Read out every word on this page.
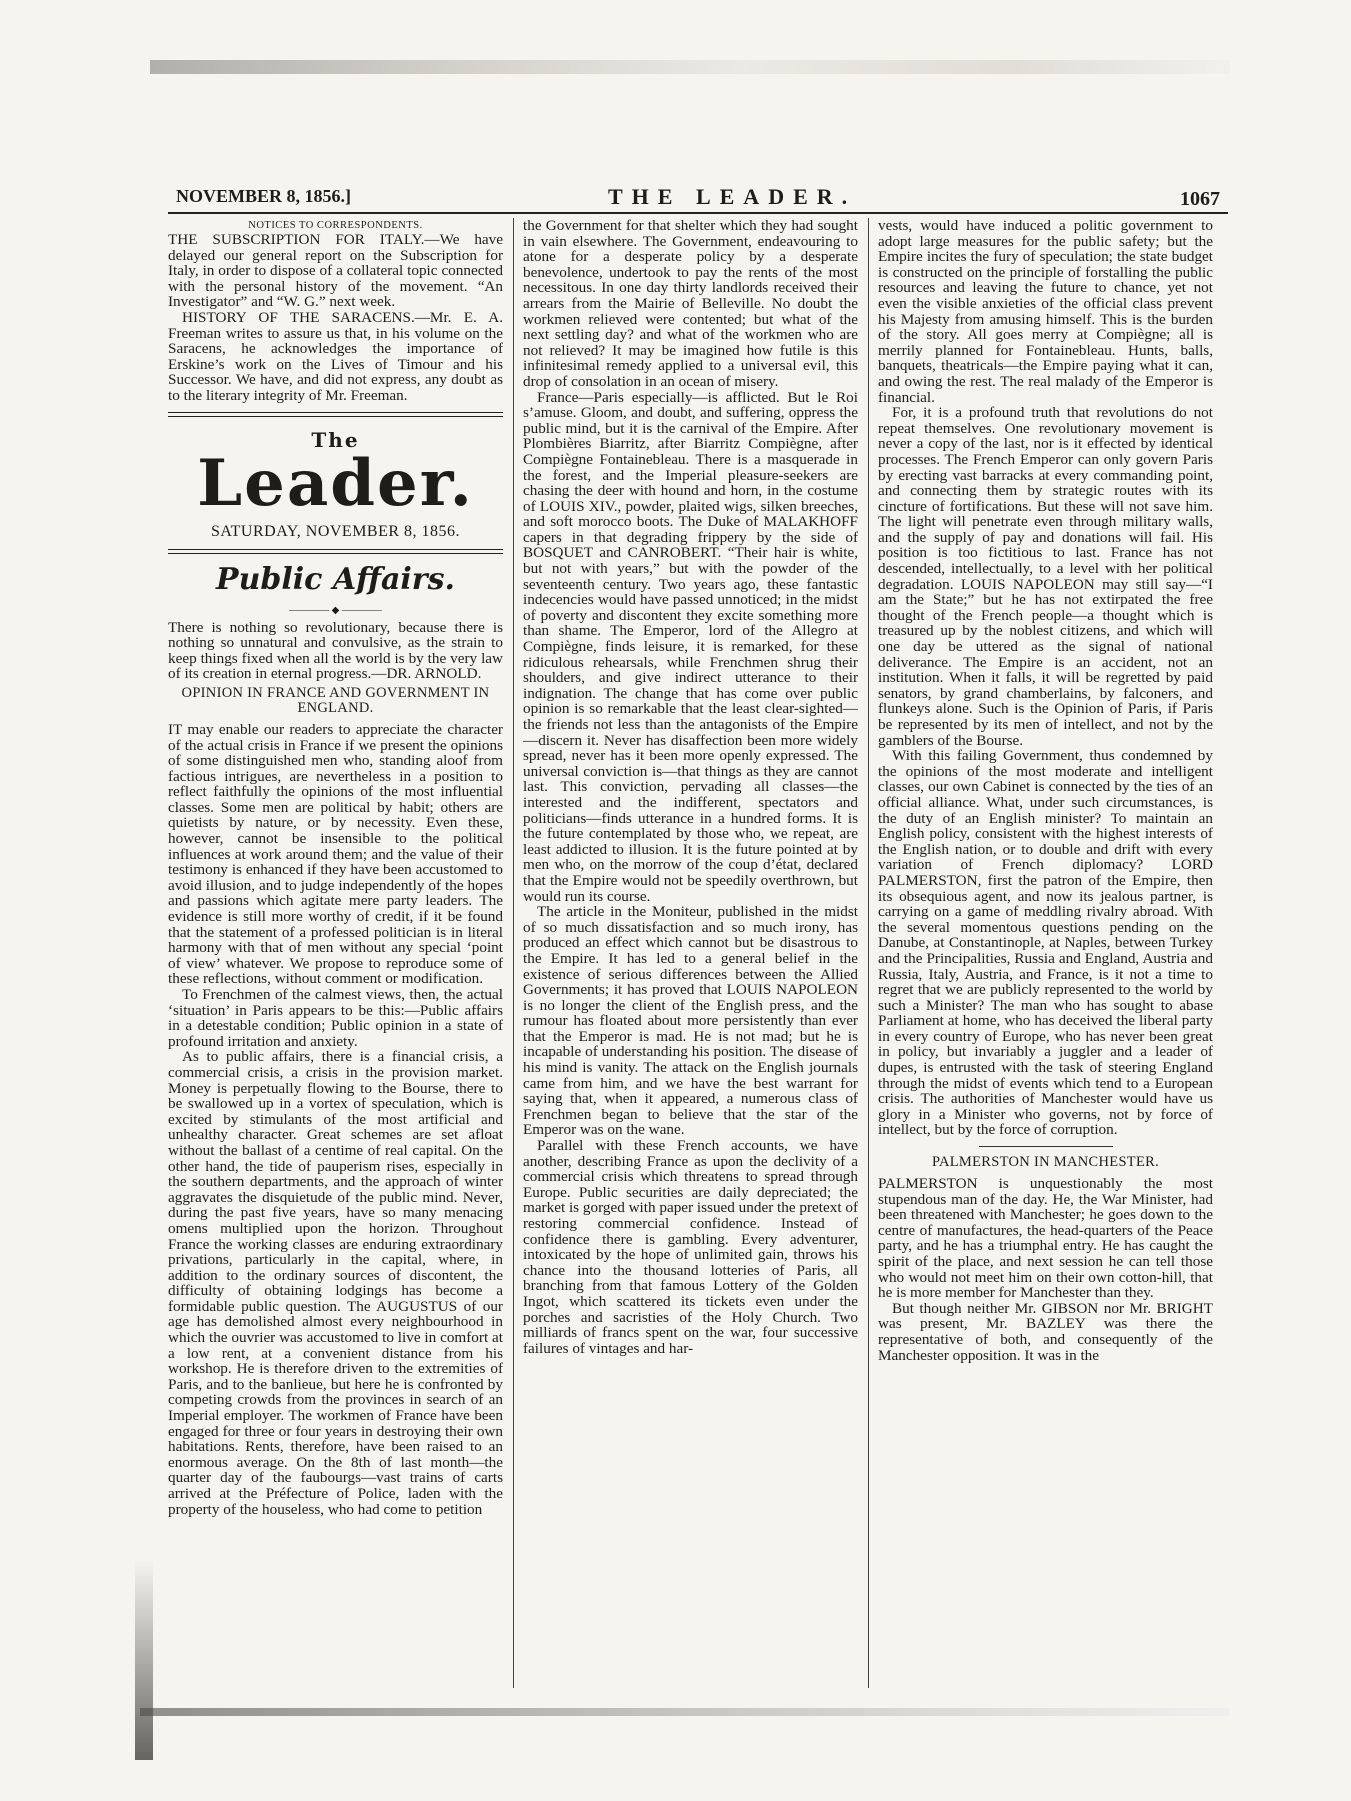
NOVEMBER 8, 1856.]	THE LEADER.	1067
NOTICES TO CORRESPONDENTS.

THE SUBSCRIPTION FOR ITALY.—We have delayed our general report on the Subscription for Italy, in order to dispose of a collateral topic connected with the personal history of the movement. “An Investigator” and “W. G.” next week.

HISTORY OF THE SARACENS.—Mr. E. A. Freeman writes to assure us that, in his volume on the Saracens, he acknowledges the importance of Erskine’s work on the Lives of Timour and his Successor. We have, and did not express, any doubt as to the literary integrity of Mr. Freeman.

The
Leader.
SATURDAY, NOVEMBER 8, 1856.
Public Affairs.
———— ◆ ————

There is nothing so revolutionary, because there is nothing so unnatural and convulsive, as the strain to keep things fixed when all the world is by the very law of its creation in eternal progress.—DR. ARNOLD.

OPINION IN FRANCE AND GOVERNMENT IN ENGLAND.

IT may enable our readers to appreciate the character of the actual crisis in France if we present the opinions of some distinguished men who, standing aloof from factious intrigues, are nevertheless in a position to reflect faithfully the opinions of the most influential classes. Some men are political by habit; others are quietists by nature, or by necessity. Even these, however, cannot be insensible to the political influences at work around them; and the value of their testimony is enhanced if they have been accustomed to avoid illusion, and to judge independently of the hopes and passions which agitate mere party leaders. The evidence is still more worthy of credit, if it be found that the statement of a professed politician is in literal harmony with that of men without any special ‘point of view’ whatever. We propose to reproduce some of these reflections, without comment or modification.

To Frenchmen of the calmest views, then, the actual ‘situation’ in Paris appears to be this:—Public affairs in a detestable condition; Public opinion in a state of profound irritation and anxiety.

As to public affairs, there is a financial crisis, a commercial crisis, a crisis in the provision market. Money is perpetually flowing to the Bourse, there to be swallowed up in a vortex of speculation, which is excited by stimulants of the most artificial and unhealthy character. Great schemes are set afloat without the ballast of a centime of real capital. On the other hand, the tide of pauperism rises, especially in the southern departments, and the approach of winter aggravates the disquietude of the public mind. Never, during the past five years, have so many menacing omens multiplied upon the horizon. Throughout France the working classes are enduring extraordinary privations, particularly in the capital, where, in addition to the ordinary sources of discontent, the difficulty of obtaining lodgings has become a formidable public question. The AUGUSTUS of our age has demolished almost every neighbourhood in which the ouvrier was accustomed to live in comfort at a low rent, at a convenient distance from his workshop. He is therefore driven to the extremities of Paris, and to the banlieue, but here he is confronted by competing crowds from the provinces in search of an Imperial employer. The workmen of France have been engaged for three or four years in destroying their own habitations. Rents, therefore, have been raised to an enormous average. On the 8th of last month—the quarter day of the faubourgs—vast trains of carts arrived at the Préfecture of Police, laden with the property of the houseless, who had come to petition

the Government for that shelter which they had sought in vain elsewhere. The Government, endeavouring to atone for a desperate policy by a desperate benevolence, undertook to pay the rents of the most necessitous. In one day thirty landlords received their arrears from the Mairie of Belleville. No doubt the workmen relieved were contented; but what of the next settling day? and what of the workmen who are not relieved? It may be imagined how futile is this infinitesimal remedy applied to a universal evil, this drop of consolation in an ocean of misery.

France—Paris especially—is afflicted. But le Roi s’amuse. Gloom, and doubt, and suffering, oppress the public mind, but it is the carnival of the Empire. After Plombières Biarritz, after Biarritz Compiègne, after Compiègne Fontainebleau. There is a masquerade in the forest, and the Imperial pleasure-seekers are chasing the deer with hound and horn, in the costume of LOUIS XIV., powder, plaited wigs, silken breeches, and soft morocco boots. The Duke of MALAKHOFF capers in that degrading frippery by the side of BOSQUET and CANROBERT. “Their hair is white, but not with years,” but with the powder of the seventeenth century. Two years ago, these fantastic indecencies would have passed unnoticed; in the midst of poverty and discontent they excite something more than shame. The Emperor, lord of the Allegro at Compiègne, finds leisure, it is remarked, for these ridiculous rehearsals, while Frenchmen shrug their shoulders, and give indirect utterance to their indignation. The change that has come over public opinion is so remarkable that the least clear-sighted—the friends not less than the antagonists of the Empire—discern it. Never has disaffection been more widely spread, never has it been more openly expressed. The universal conviction is—that things as they are cannot last. This conviction, pervading all classes—the interested and the indifferent, spectators and politicians—finds utterance in a hundred forms. It is the future contemplated by those who, we repeat, are least addicted to illusion. It is the future pointed at by men who, on the morrow of the coup d’état, declared that the Empire would not be speedily overthrown, but would run its course.

The article in the Moniteur, published in the midst of so much dissatisfaction and so much irony, has produced an effect which cannot but be disastrous to the Empire. It has led to a general belief in the existence of serious differences between the Allied Governments; it has proved that LOUIS NAPOLEON is no longer the client of the English press, and the rumour has floated about more persistently than ever that the Emperor is mad. He is not mad; but he is incapable of understanding his position. The disease of his mind is vanity. The attack on the English journals came from him, and we have the best warrant for saying that, when it appeared, a numerous class of Frenchmen began to believe that the star of the Emperor was on the wane.

Parallel with these French accounts, we have another, describing France as upon the declivity of a commercial crisis which threatens to spread through Europe. Public securities are daily depreciated; the market is gorged with paper issued under the pretext of restoring commercial confidence. Instead of confidence there is gambling. Every adventurer, intoxicated by the hope of unlimited gain, throws his chance into the thousand lotteries of Paris, all branching from that famous Lottery of the Golden Ingot, which scattered its tickets even under the porches and sacristies of the Holy Church. Two milliards of francs spent on the war, four successive failures of vintages and har-

vests, would have induced a politic government to adopt large measures for the public safety; but the Empire incites the fury of speculation; the state budget is constructed on the principle of forstalling the public resources and leaving the future to chance, yet not even the visible anxieties of the official class prevent his Majesty from amusing himself. This is the burden of the story. All goes merry at Compiègne; all is merrily planned for Fontainebleau. Hunts, balls, banquets, theatricals—the Empire paying what it can, and owing the rest. The real malady of the Emperor is financial.

For, it is a profound truth that revolutions do not repeat themselves. One revolutionary movement is never a copy of the last, nor is it effected by identical processes. The French Emperor can only govern Paris by erecting vast barracks at every commanding point, and connecting them by strategic routes with its cincture of fortifications. But these will not save him. The light will penetrate even through military walls, and the supply of pay and donations will fail. His position is too fictitious to last. France has not descended, intellectually, to a level with her political degradation. LOUIS NAPOLEON may still say—“I am the State;” but he has not extirpated the free thought of the French people—a thought which is treasured up by the noblest citizens, and which will one day be uttered as the signal of national deliverance. The Empire is an accident, not an institution. When it falls, it will be regretted by paid senators, by grand chamberlains, by falconers, and flunkeys alone. Such is the Opinion of Paris, if Paris be represented by its men of intellect, and not by the gamblers of the Bourse.

With this failing Government, thus condemned by the opinions of the most moderate and intelligent classes, our own Cabinet is connected by the ties of an official alliance. What, under such circumstances, is the duty of an English minister? To maintain an English policy, consistent with the highest interests of the English nation, or to double and drift with every variation of French diplomacy? LORD PALMERSTON, first the patron of the Empire, then its obsequious agent, and now its jealous partner, is carrying on a game of meddling rivalry abroad. With the several momentous questions pending on the Danube, at Constantinople, at Naples, between Turkey and the Principalities, Russia and England, Austria and Russia, Italy, Austria, and France, is it not a time to regret that we are publicly represented to the world by such a Minister? The man who has sought to abase Parliament at home, who has deceived the liberal party in every country of Europe, who has never been great in policy, but invariably a juggler and a leader of dupes, is entrusted with the task of steering England through the midst of events which tend to a European crisis. The authorities of Manchester would have us glory in a Minister who governs, not by force of intellect, but by the force of corruption.

PALMERSTON IN MANCHESTER.

PALMERSTON is unquestionably the most stupendous man of the day. He, the War Minister, had been threatened with Manchester; he goes down to the centre of manufactures, the head-quarters of the Peace party, and he has a triumphal entry. He has caught the spirit of the place, and next session he can tell those who would not meet him on their own cotton-hill, that he is more member for Manchester than they.

But though neither Mr. GIBSON nor Mr. BRIGHT was present, Mr. BAZLEY was there the representative of both, and consequently of the Manchester opposition. It was in the
